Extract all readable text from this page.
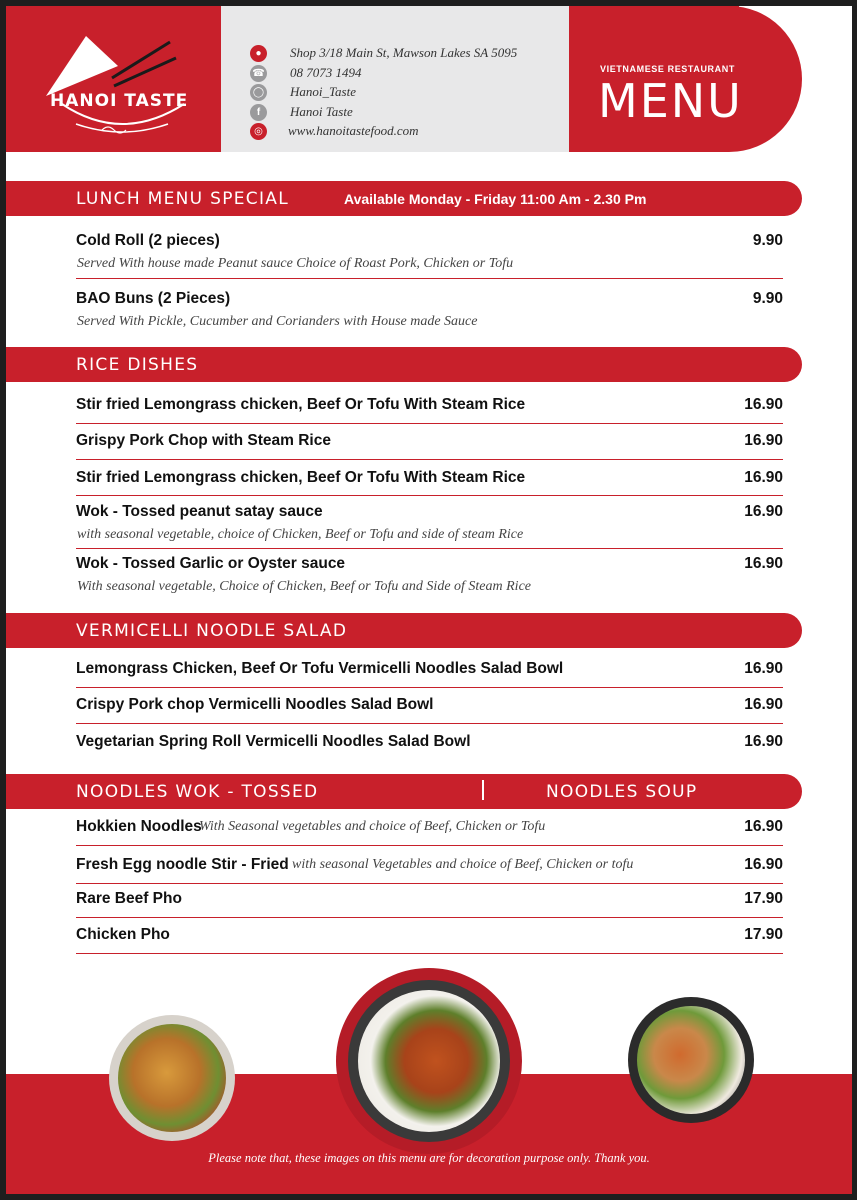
HANOI TASTE
●	Shop 3/18 Main St, Mawson Lakes SA 5095
☎ 08 7073 1494
◯ Hanoi_Taste
f	Hanoi Taste
◎	www.hanoitastefood.com
VIETNAMESE RESTAURANT
MENU
LUNCH MENU SPECIAL	Available Monday - Friday 11:00 Am - 2.30 Pm
Cold Roll (2 pieces)	9.90
Served With house made Peanut sauce Choice of Roast Pork, Chicken or Tofu
BAO Buns (2 Pieces)	9.90
Served With Pickle, Cucumber and Corianders with House made Sauce
RICE DISHES
Stir fried Lemongrass chicken, Beef Or Tofu With Steam Rice	16.90
Grispy Pork Chop with Steam Rice	16.90
Stir fried Lemongrass chicken, Beef Or Tofu With Steam Rice	16.90
Wok - Tossed peanut satay sauce	16.90
with seasonal vegetable, choice of Chicken, Beef or Tofu and side of steam Rice
Wok - Tossed Garlic or Oyster sauce	16.90
With seasonal vegetable, Choice of Chicken, Beef or Tofu and Side of Steam Rice
VERMICELLI NOODLE SALAD
Lemongrass Chicken, Beef Or Tofu Vermicelli Noodles Salad Bowl	16.90
Crispy Pork chop Vermicelli Noodles Salad Bowl	16.90
Vegetarian Spring Roll Vermicelli Noodles Salad Bowl	16.90
NOODLES WOK - TOSSED	NOODLES SOUP
Hokkien Noodles	16.90
With Seasonal vegetables and choice of Beef, Chicken or Tofu
Fresh Egg noodle Stir - Fried	16.90
with seasonal Vegetables and choice of Beef, Chicken or tofu
Rare Beef Pho	17.90
Chicken Pho	17.90
Please note that, these images on this menu are for decoration purpose only. Thank you.
